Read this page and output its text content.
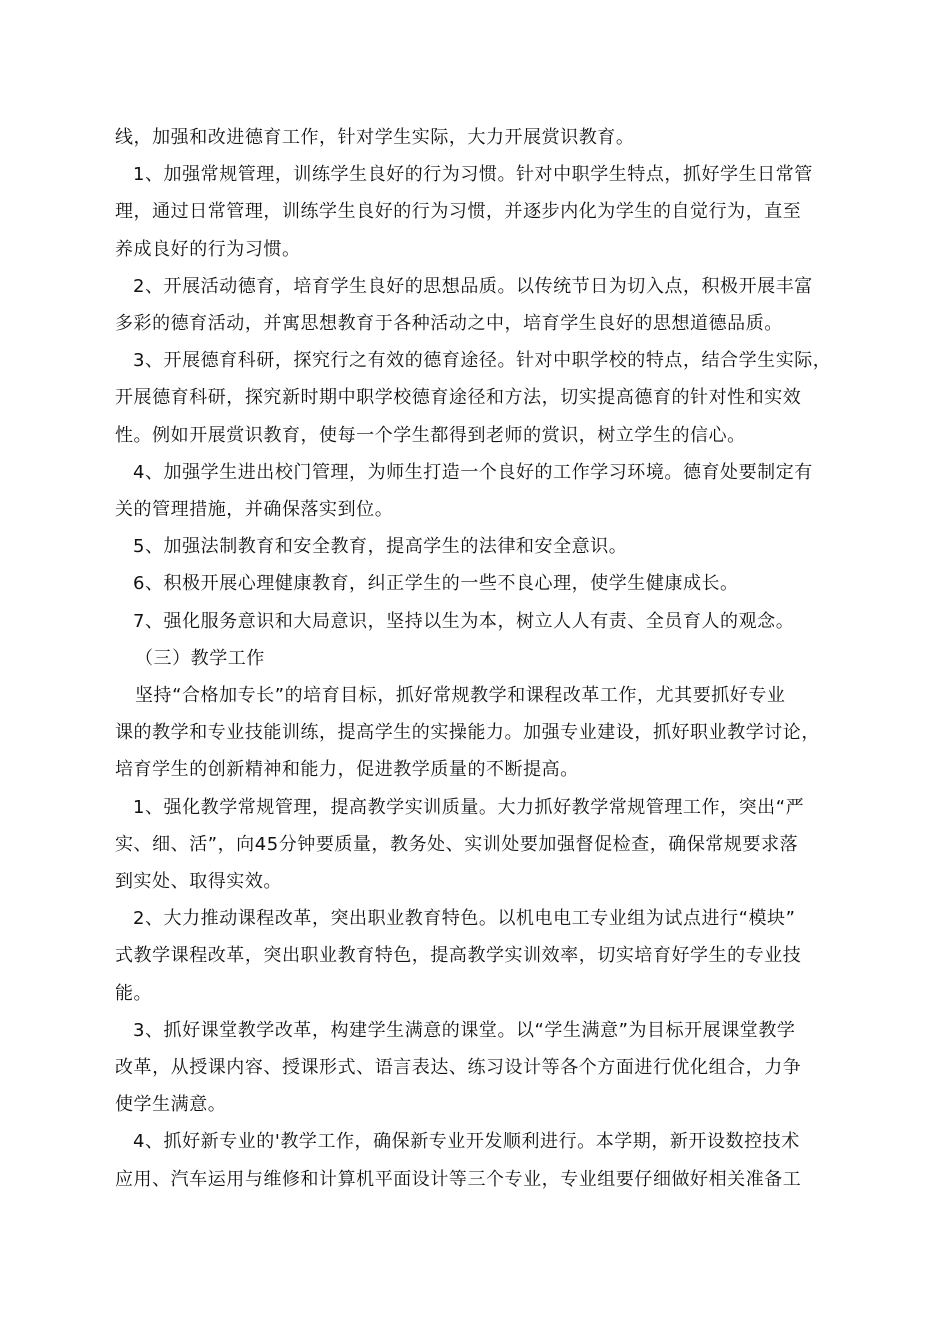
线，加强和改进德育工作，针对学生实际，大力开展赏识教育。

1、加强常规管理，训练学生良好的行为习惯。针对中职学生特点，抓好学生日常管

理，通过日常管理，训练学生良好的行为习惯，并逐步内化为学生的自觉行为，直至

养成良好的行为习惯。

2、开展活动德育，培育学生良好的思想品质。以传统节日为切入点，积极开展丰富

多彩的德育活动，并寓思想教育于各种活动之中，培育学生良好的思想道德品质。

3、开展德育科研，探究行之有效的德育途径。针对中职学校的特点，结合学生实际，

开展德育科研，探究新时期中职学校德育途径和方法，切实提高德育的针对性和实效

性。例如开展赏识教育，使每一个学生都得到老师的赏识，树立学生的信心。

4、加强学生进出校门管理，为师生打造一个良好的工作学习环境。德育处要制定有

关的管理措施，并确保落实到位。

5、加强法制教育和安全教育，提高学生的法律和安全意识。

6、积极开展心理健康教育，纠正学生的一些不良心理，使学生健康成长。

7、强化服务意识和大局意识，坚持以生为本，树立人人有责、全员育人的观念。

（三）教学工作

坚持“合格加专长”的培育目标，抓好常规教学和课程改革工作，尤其要抓好专业

课的教学和专业技能训练，提高学生的实操能力。加强专业建设，抓好职业教学讨论，

培育学生的创新精神和能力，促进教学质量的不断提高。

1、强化教学常规管理，提高教学实训质量。大力抓好教学常规管理工作，突出“严

实、细、活”，向45分钟要质量，教务处、实训处要加强督促检查，确保常规要求落

到实处、取得实效。

2、大力推动课程改革，突出职业教育特色。以机电电工专业组为试点进行“模块”

式教学课程改革，突出职业教育特色，提高教学实训效率，切实培育好学生的专业技

能。

3、抓好课堂教学改革，构建学生满意的课堂。以“学生满意”为目标开展课堂教学

改革，从授课内容、授课形式、语言表达、练习设计等各个方面进行优化组合，力争

使学生满意。

4、抓好新专业的'教学工作，确保新专业开发顺利进行。本学期，新开设数控技术

应用、汽车运用与维修和计算机平面设计等三个专业，专业组要仔细做好相关准备工
